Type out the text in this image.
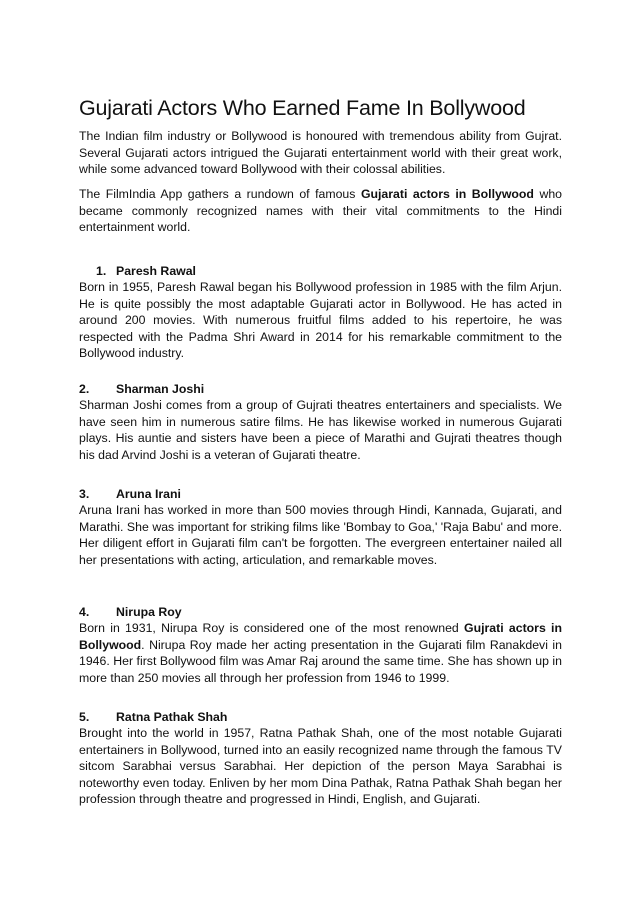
Gujarati Actors Who Earned Fame In Bollywood

The Indian film industry or Bollywood is honoured with tremendous ability from Gujrat. Several Gujarati actors intrigued the Gujarati entertainment world with their great work, while some advanced toward Bollywood with their colossal abilities.

The FilmIndia App gathers a rundown of famous Gujarati actors in Bollywood who became commonly recognized names with their vital commitments to the Hindi entertainment world.

1. Paresh Rawal

Born in 1955, Paresh Rawal began his Bollywood profession in 1985 with the film Arjun. He is quite possibly the most adaptable Gujarati actor in Bollywood. He has acted in around 200 movies. With numerous fruitful films added to his repertoire, he was respected with the Padma Shri Award in 2014 for his remarkable commitment to the Bollywood industry.

2. Sharman Joshi

Sharman Joshi comes from a group of Gujrati theatres entertainers and specialists. We have seen him in numerous satire films. He has likewise worked in numerous Gujarati plays. His auntie and sisters have been a piece of Marathi and Gujrati theatres though his dad Arvind Joshi is a veteran of Gujarati theatre.

3. Aruna Irani

Aruna Irani has worked in more than 500 movies through Hindi, Kannada, Gujarati, and Marathi. She was important for striking films like 'Bombay to Goa,' 'Raja Babu' and more. Her diligent effort in Gujarati film can't be forgotten. The evergreen entertainer nailed all her presentations with acting, articulation, and remarkable moves.

4. Nirupa Roy

Born in 1931, Nirupa Roy is considered one of the most renowned Gujrati actors in Bollywood. Nirupa Roy made her acting presentation in the Gujarati film Ranakdevi in 1946. Her first Bollywood film was Amar Raj around the same time. She has shown up in more than 250 movies all through her profession from 1946 to 1999.

5. Ratna Pathak Shah

Brought into the world in 1957, Ratna Pathak Shah, one of the most notable Gujarati entertainers in Bollywood, turned into an easily recognized name through the famous TV sitcom Sarabhai versus Sarabhai. Her depiction of the person Maya Sarabhai is noteworthy even today. Enliven by her mom Dina Pathak, Ratna Pathak Shah began her profession through theatre and progressed in Hindi, English, and Gujarati.
